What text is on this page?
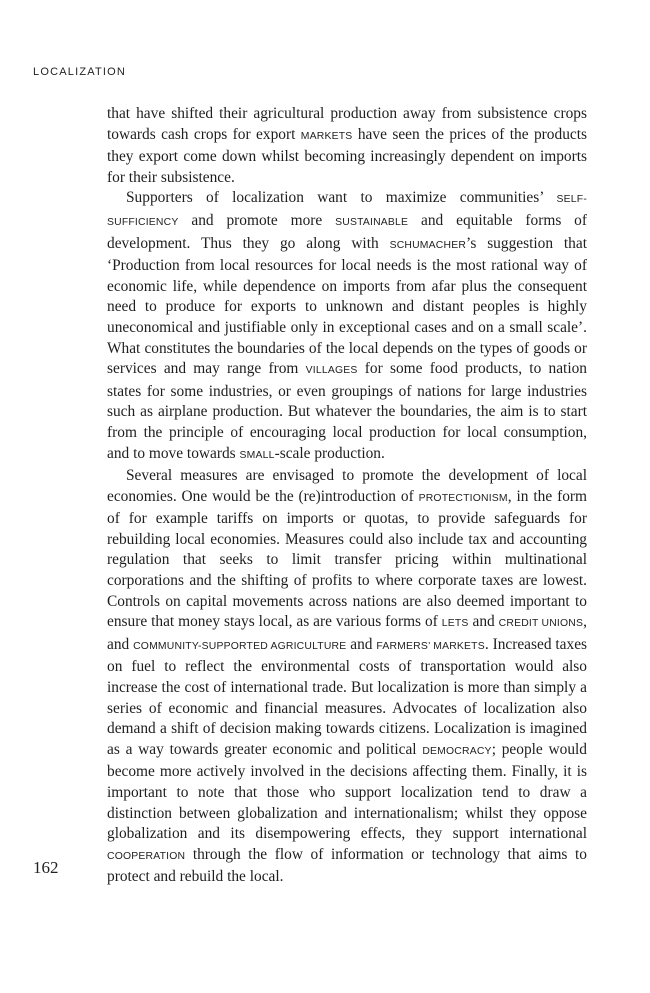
LOCALIZATION

that have shifted their agricultural production away from subsistence crops towards cash crops for export MARKETS have seen the prices of the products they export come down whilst becoming increasingly dependent on imports for their subsistence.

Supporters of localization want to maximize communities’ SELF-SUFFICIENCY and promote more SUSTAINABLE and equitable forms of development. Thus they go along with SCHUMACHER’s suggestion that ‘Production from local resources for local needs is the most rational way of economic life, while dependence on imports from afar plus the consequent need to produce for exports to unknown and distant peoples is highly uneconomical and justifiable only in exceptional cases and on a small scale’. What constitutes the boundaries of the local depends on the types of goods or services and may range from VILLAGES for some food products, to nation states for some industries, or even groupings of nations for large industries such as airplane production. But whatever the boundaries, the aim is to start from the principle of encouraging local production for local consumption, and to move towards SMALL-scale production.

Several measures are envisaged to promote the development of local economies. One would be the (re)introduction of PROTECTIONISM, in the form of for example tariffs on imports or quotas, to provide safeguards for rebuilding local economies. Measures could also include tax and accounting regulation that seeks to limit transfer pricing within multinational corporations and the shifting of profits to where corporate taxes are lowest. Controls on capital movements across nations are also deemed important to ensure that money stays local, as are various forms of LETS and CREDIT UNIONS, and COMMUNITY-SUPPORTED AGRICULTURE and FARMERS’ MARKETS. Increased taxes on fuel to reflect the environmental costs of transportation would also increase the cost of international trade. But localization is more than simply a series of economic and financial measures. Advocates of localization also demand a shift of decision making towards citizens. Localization is imagined as a way towards greater economic and political DEMOCRACY; people would become more actively involved in the decisions affecting them. Finally, it is important to note that those who support localization tend to draw a distinction between globalization and internationalism; whilst they oppose globalization and its disempowering effects, they support international COOPERATION through the flow of information or technology that aims to protect and rebuild the local.

162
